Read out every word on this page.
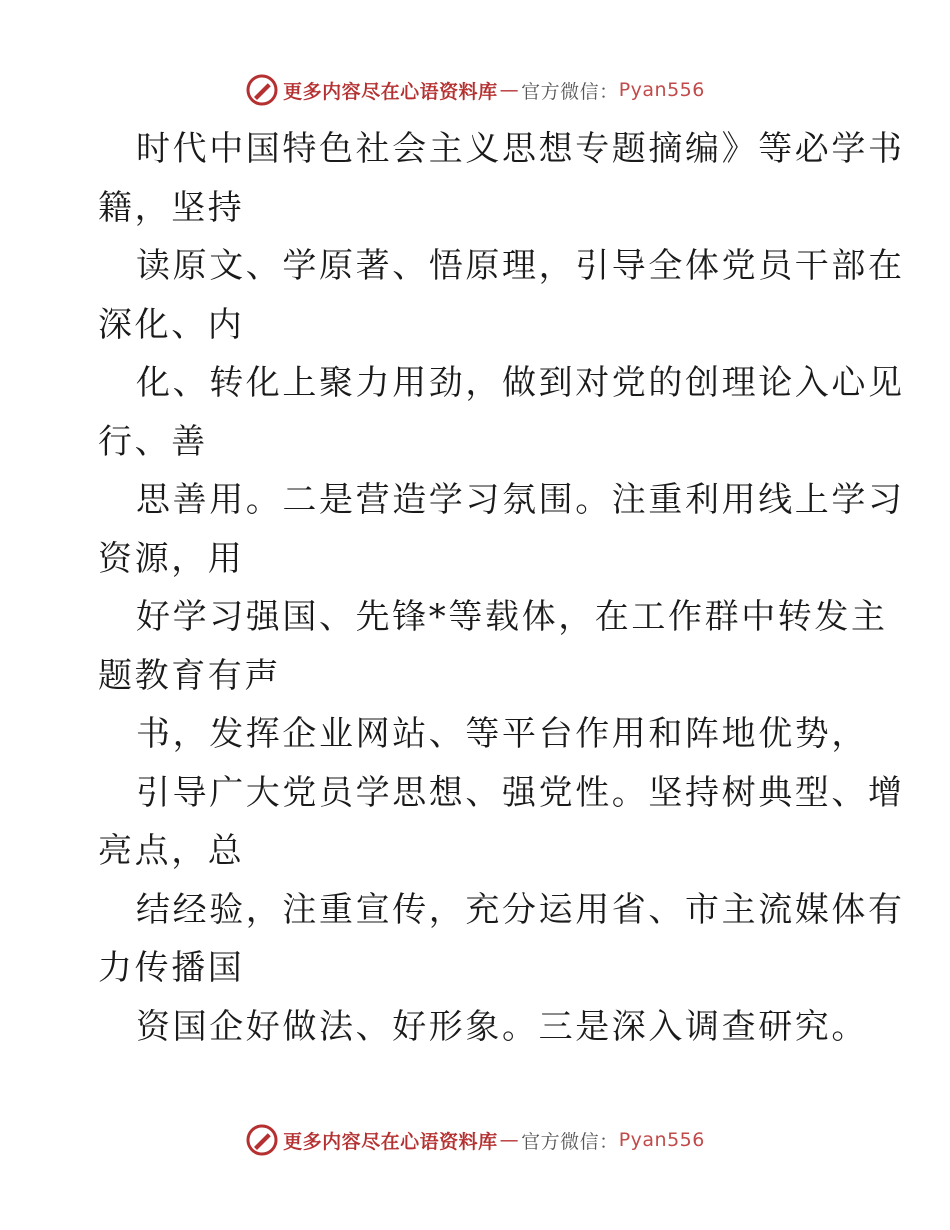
更多内容尽在心语资料库 — 官方微信： Pyan556
时代中国特色社会主义思想专题摘编》等必学书
籍，坚持
读原文、学原著、悟原理，引导全体党员干部在
深化、内
化、转化上聚力用劲，做到对党的创理论入心见
行、善
思善用。二是营造学习氛围。注重利用线上学习
资源，用
好学习强国、先锋*等载体，在工作群中转发主
题教育有声
书，发挥企业网站、等平台作用和阵地优势，
引导广大党员学思想、强党性。坚持树典型、增
亮点，总
结经验，注重宣传，充分运用省、市主流媒体有
力传播国
资国企好做法、好形象。三是深入调查研究。
更多内容尽在心语资料库 — 官方微信： Pyan556
